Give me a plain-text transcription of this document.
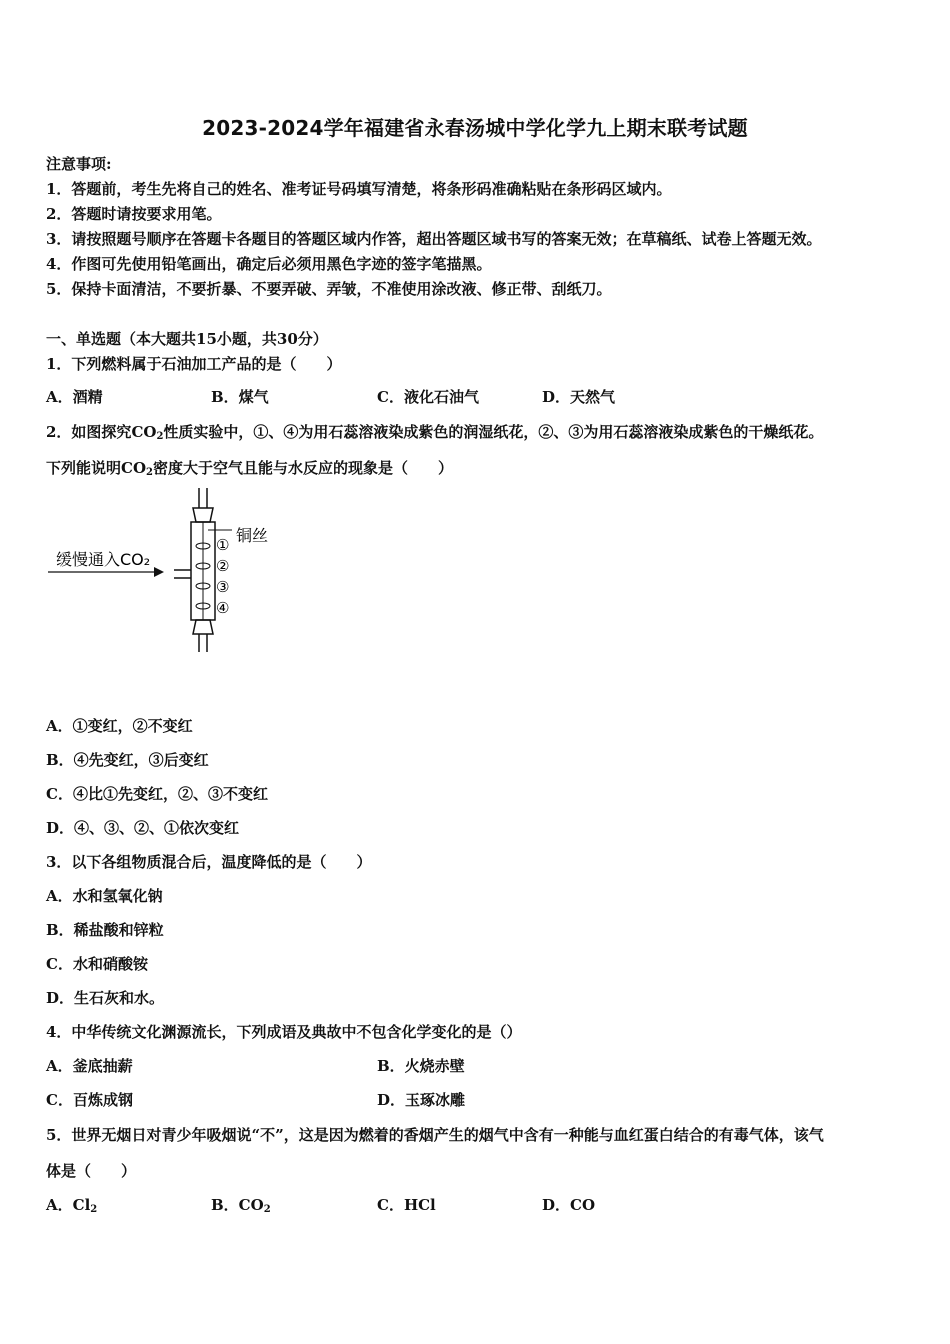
2023-2024学年福建省永春汤城中学化学九上期末联考试题
注意事项:
1．答题前，考生先将自己的姓名、准考证号码填写清楚，将条形码准确粘贴在条形码区域内。
2．答题时请按要求用笔。
3．请按照题号顺序在答题卡各题目的答题区域内作答，超出答题区域书写的答案无效；在草稿纸、试卷上答题无效。
4．作图可先使用铅笔画出，确定后必须用黑色字迹的签字笔描黑。
5．保持卡面清洁，不要折暴、不要弄破、弄皱，不准使用涂改液、修正带、刮纸刀。
一、单选题（本大题共15小题，共30分）
1．下列燃料属于石油加工产品的是（　　）
A．酒精	B．煤气	C．液化石油气	D．天然气
2．如图探究$CO_2$性质实验中，①、④为用石蕊溶液染成紫色的润湿纸花，②、③为用石蕊溶液染成紫色的干燥纸花。
下列能说明$CO_2$密度大于空气且能与水反应的现象是（　　）
缓慢通入CO₂
铜丝
①
②
③
④
A．①变红，②不变红
B．④先变红，③后变红
C．④比①先变红，②、③不变红
D．④、③、②、①依次变红
3．以下各组物质混合后，温度降低的是（　　）
A．水和氢氧化钠
B．稀盐酸和锌粒
C．水和硝酸铵
D．生石灰和水。
4．中华传统文化渊源流长，下列成语及典故中不包含化学变化的是（）
A．釜底抽薪	B．火烧赤壁
C．百炼成钢	D．玉琢冰雕
5．世界无烟日对青少年吸烟说“不”，这是因为燃着的香烟产生的烟气中含有一种能与血红蛋白结合的有毒气体，该气
体是（　　）
A．$Cl_2$	B．$CO_2$	C．HCl	D．CO
